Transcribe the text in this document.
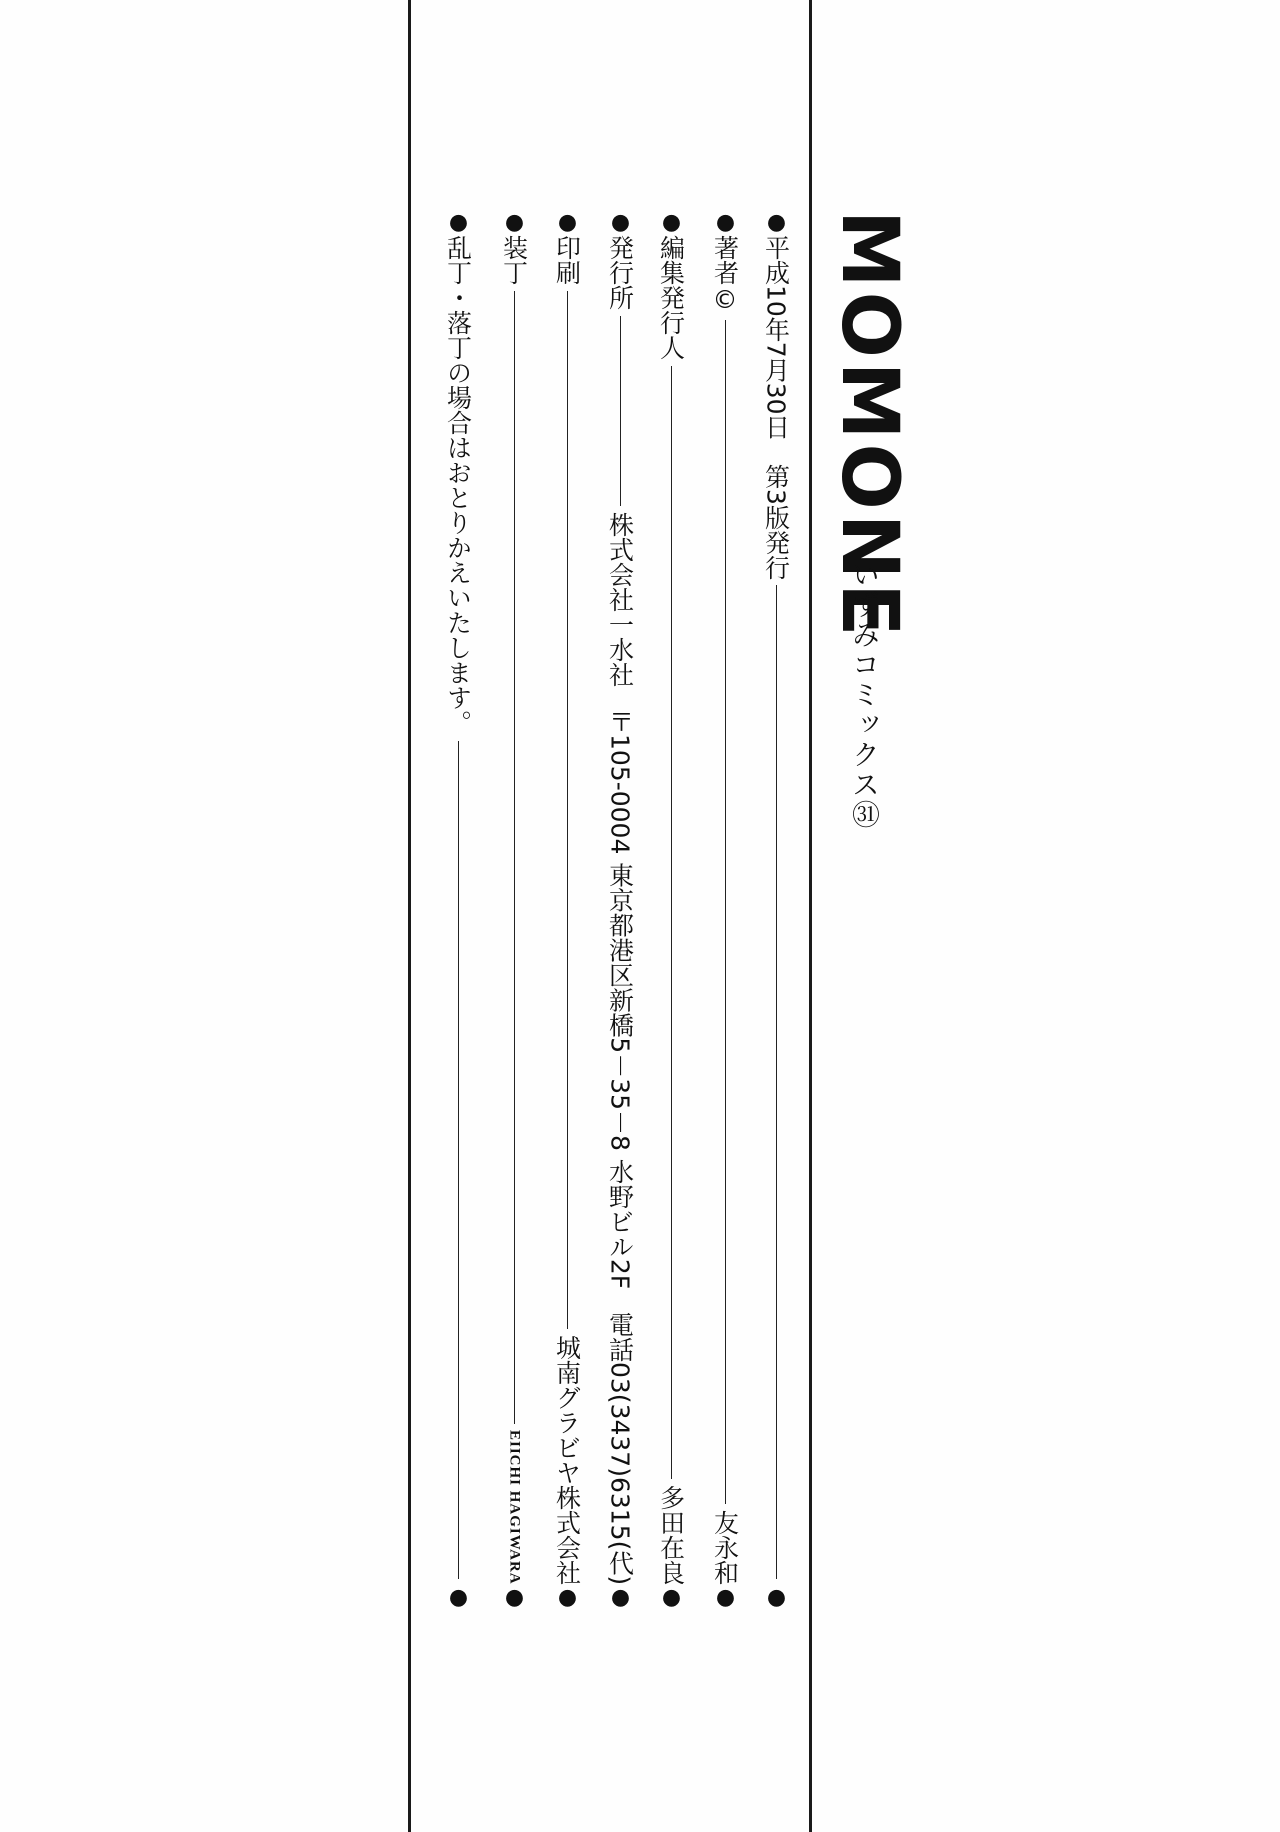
MOMONE
いずみコミックス㉛
●
平成10年7月30日
第3版発行
●
●
著者©
友永和
●
●
編集発行人
多田在良
●
●
発行所
株式会社一水社
〒105-0004 東京都港区新橋5－35－8 水野ビル2F
電話03(3437)6315(代)
●
●
印刷
城南グラビヤ株式会社
●
●
装丁
EIICHI HAGIWARA
●
●
乱丁・落丁の場合はおとりかえいたします。
●
